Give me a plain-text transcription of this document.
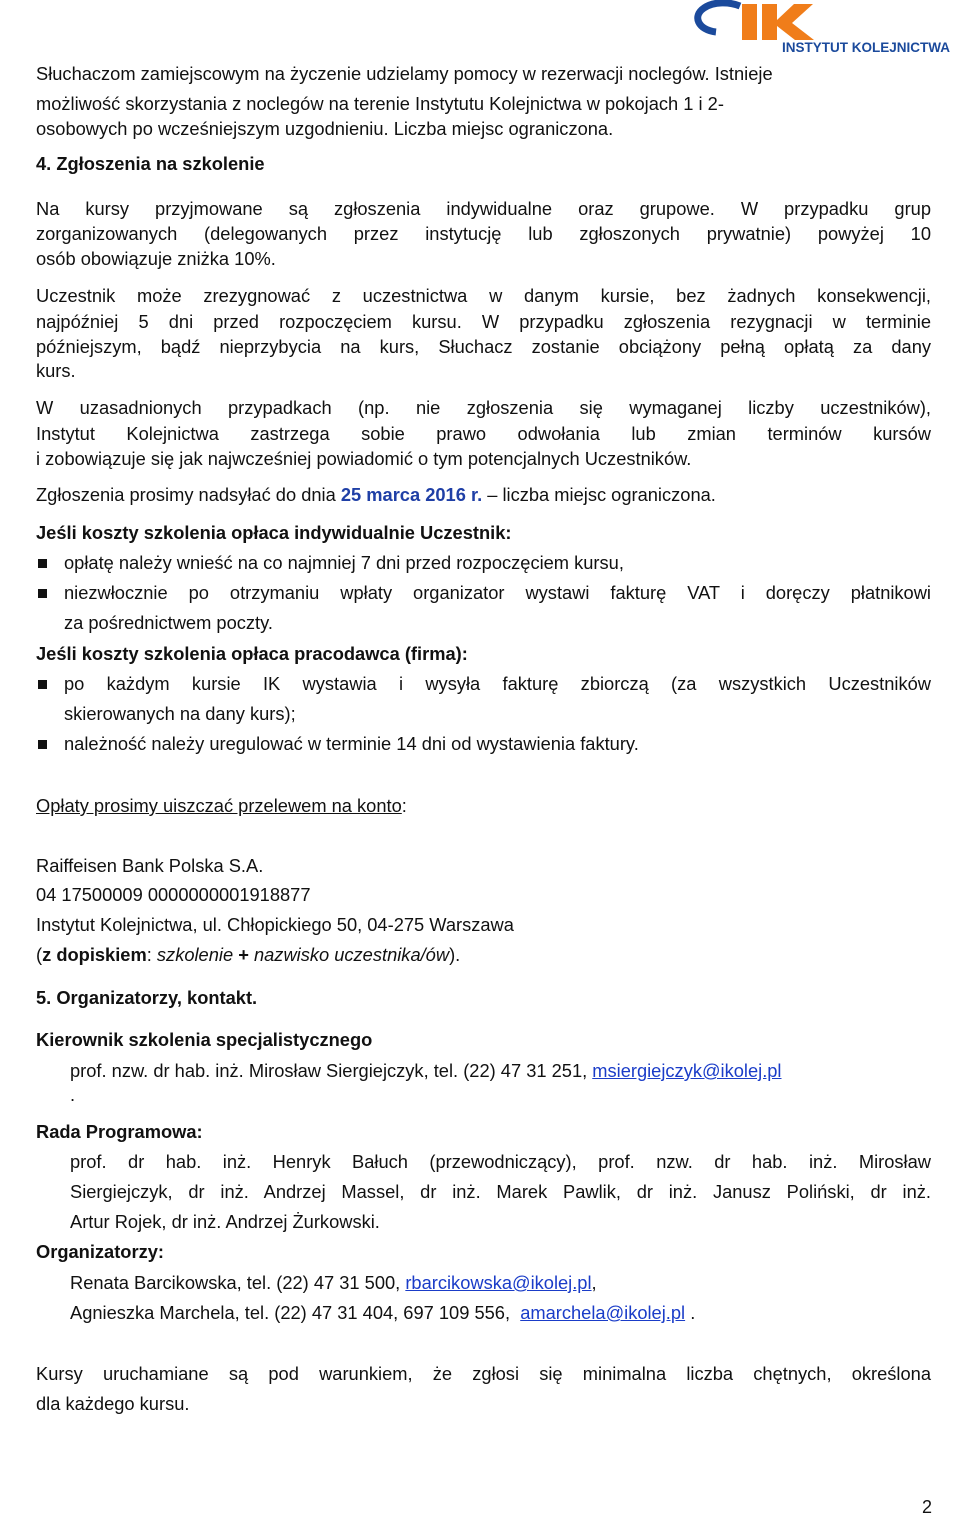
INSTYTUT KOLEJNICTWA
Słuchaczom zamiejscowym na życzenie udzielamy pomocy w rezerwacji noclegów. Istnieje
możliwość skorzystania z noclegów na terenie Instytutu Kolejnictwa w pokojach 1 i 2-
osobowych po wcześniejszym uzgodnieniu. Liczba miejsc ograniczona.
4. Zgłoszenia na szkolenie
Na kursy przyjmowane są zgłoszenia indywidualne oraz grupowe. W przypadku grup
zorganizowanych (delegowanych przez instytucję lub zgłoszonych prywatnie) powyżej 10
osób obowiązuje zniżka 10%.
Uczestnik może zrezygnować z uczestnictwa w danym kursie, bez żadnych konsekwencji,
najpóźniej 5 dni przed rozpoczęciem kursu. W przypadku zgłoszenia rezygnacji w terminie
późniejszym, bądź nieprzybycia na kurs, Słuchacz zostanie obciążony pełną opłatą za dany
kurs.
W uzasadnionych przypadkach (np. nie zgłoszenia się wymaganej liczby uczestników),
Instytut Kolejnictwa zastrzega sobie prawo odwołania lub zmian terminów kursów
i zobowiązuje się jak najwcześniej powiadomić o tym potencjalnych Uczestników.
Zgłoszenia prosimy nadsyłać do dnia 25 marca 2016 r. – liczba miejsc ograniczona.
Jeśli koszty szkolenia opłaca indywidualnie Uczestnik:
opłatę należy wnieść na co najmniej 7 dni przed rozpoczęciem kursu,
niezwłocznie po otrzymaniu wpłaty organizator wystawi fakturę VAT i doręczy płatnikowi
za pośrednictwem poczty.
Jeśli koszty szkolenia opłaca pracodawca (firma):
po każdym kursie IK wystawia i wysyła fakturę zbiorczą (za wszystkich Uczestników
skierowanych na dany kurs);
należność należy uregulować w terminie 14 dni od wystawienia faktury.
Opłaty prosimy uiszczać przelewem na konto:
Raiffeisen Bank Polska S.A.
04 17500009 0000000001918877
Instytut Kolejnictwa, ul. Chłopickiego 50, 04-275 Warszawa
(z dopiskiem: szkolenie + nazwisko uczestnika/ów).
5. Organizatorzy, kontakt.
Kierownik szkolenia specjalistycznego
prof. nzw. dr hab. inż. Mirosław Siergiejczyk, tel. (22) 47 31 251, msiergiejczyk@ikolej.pl
.
Rada Programowa:
prof. dr hab. inż. Henryk Bałuch (przewodniczący), prof. nzw. dr hab. inż. Mirosław
Siergiejczyk, dr inż. Andrzej Massel, dr inż. Marek Pawlik, dr inż. Janusz Poliński, dr inż.
Artur Rojek, dr inż. Andrzej Żurkowski.
Organizatorzy:
Renata Barcikowska, tel. (22) 47 31 500, rbarcikowska@ikolej.pl,
Agnieszka Marchela, tel. (22) 47 31 404, 697 109 556,  amarchela@ikolej.pl .
Kursy uruchamiane są pod warunkiem, że zgłosi się minimalna liczba chętnych, określona
dla każdego kursu.
2
